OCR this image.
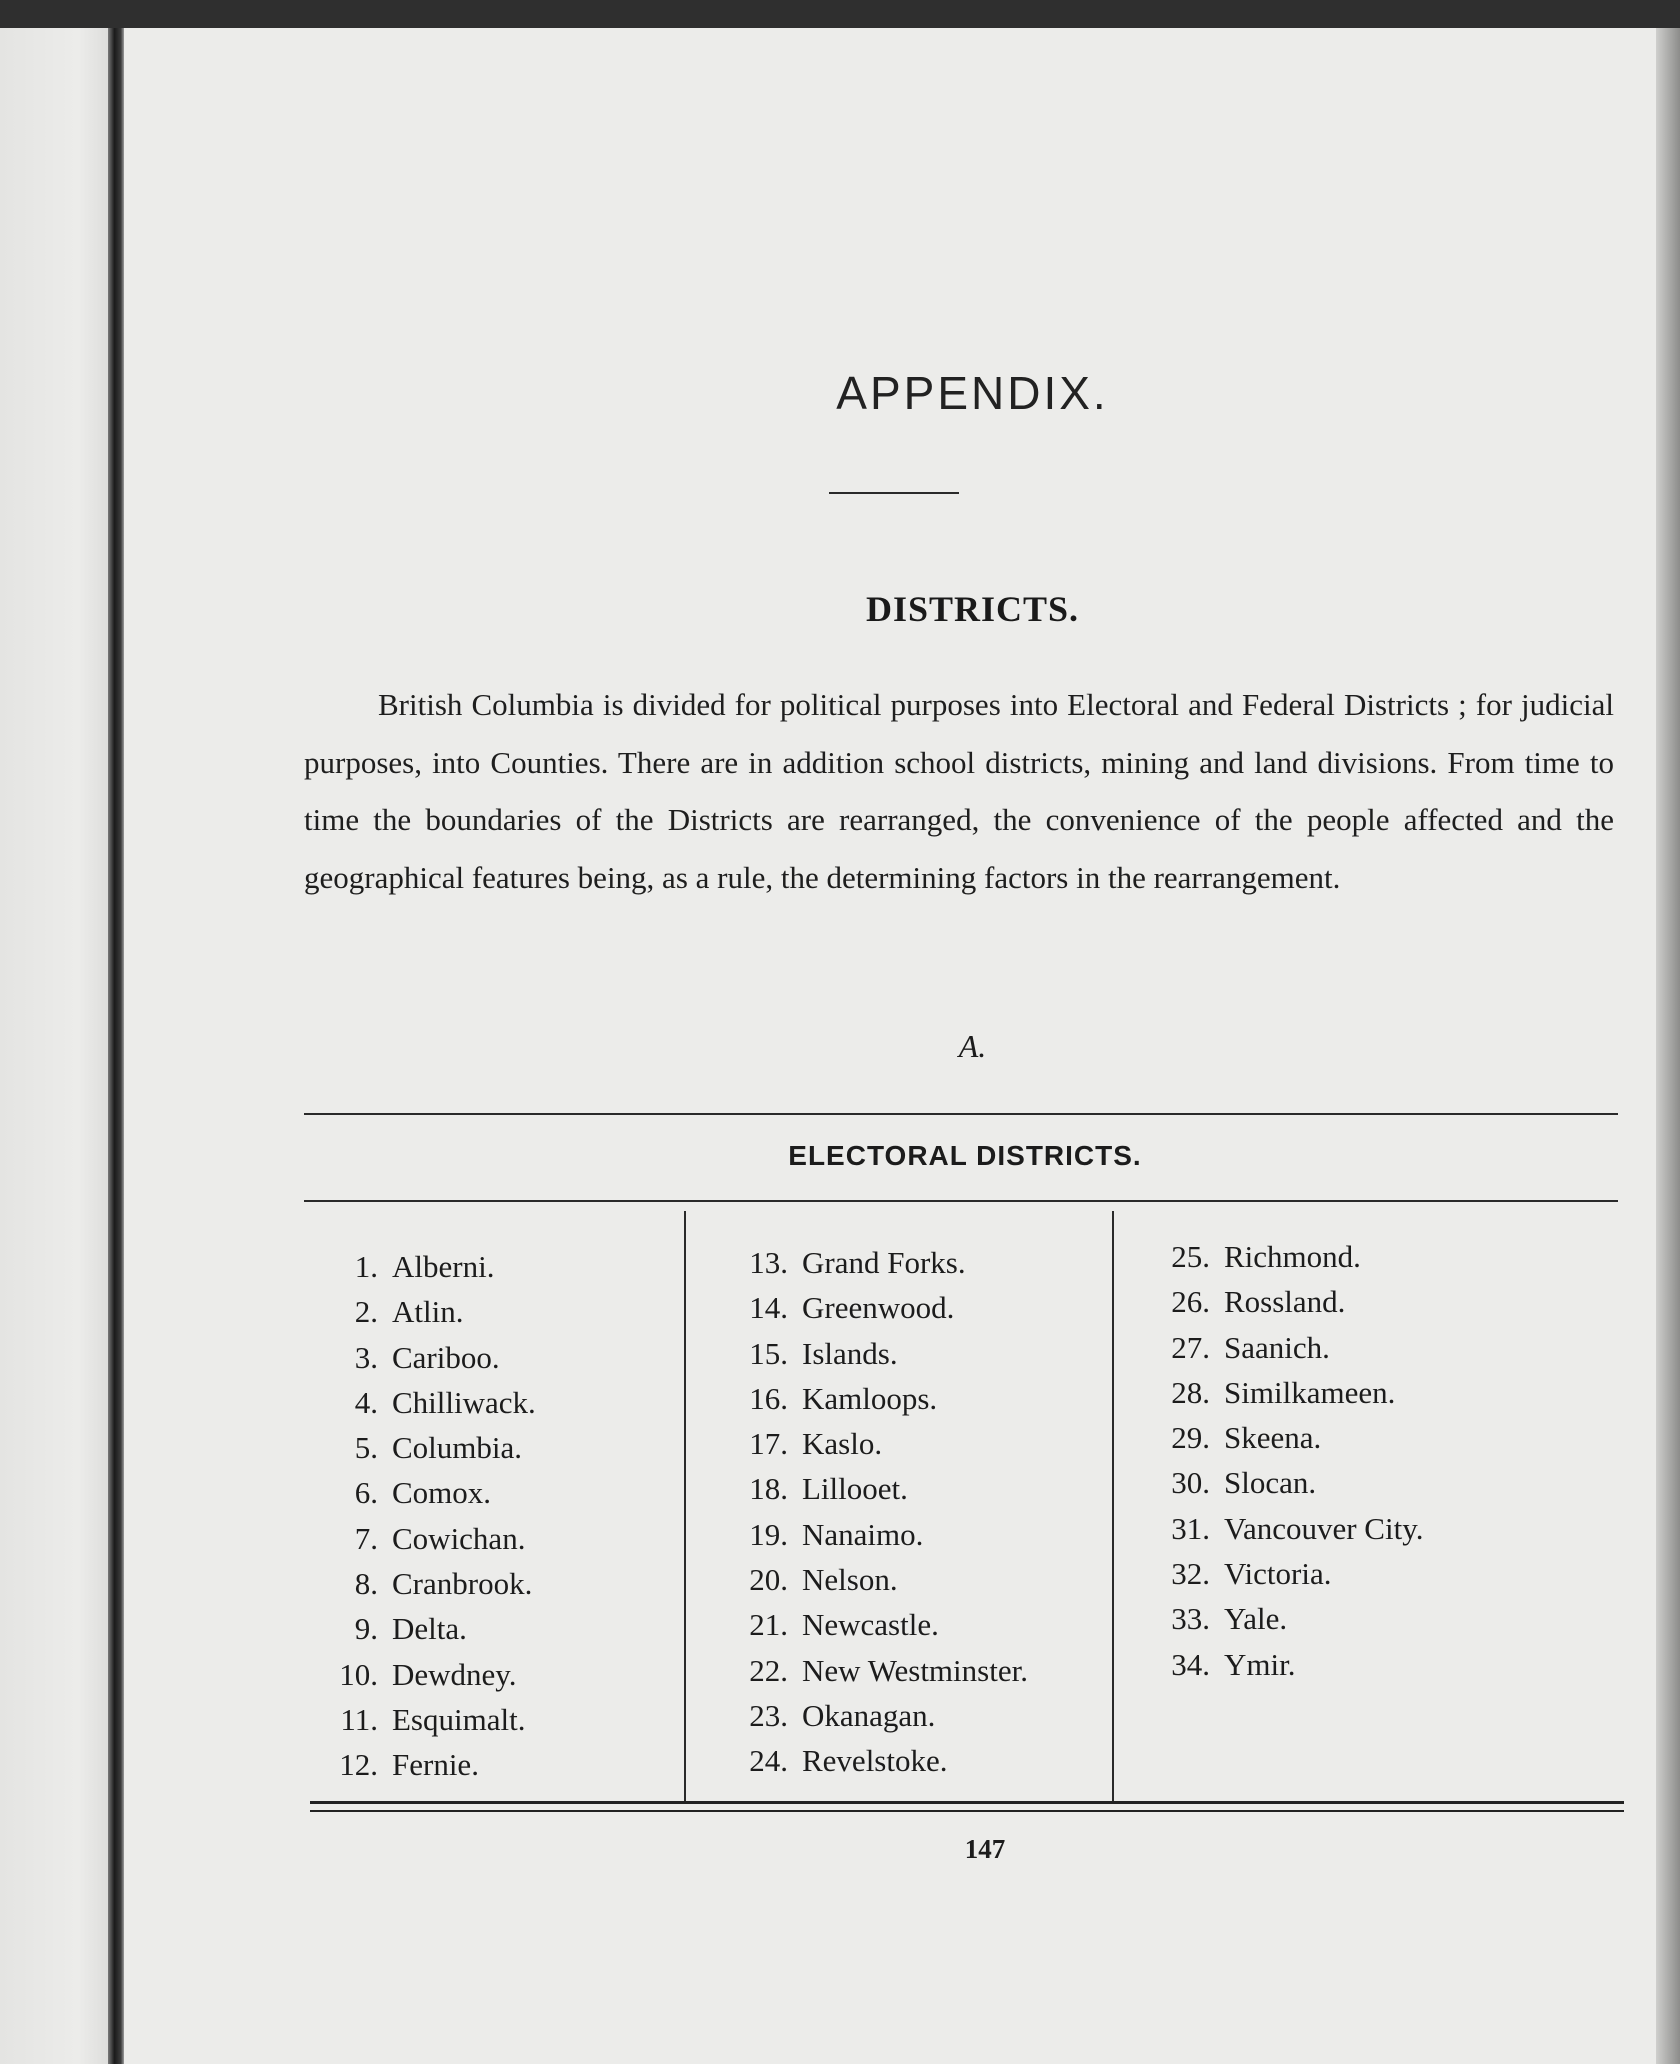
APPENDIX.
DISTRICTS.

British Columbia is divided for political purposes into Electoral and Federal Districts ; for judicial purposes, into Counties. There are in addition school districts, mining and land divisions. From time to time the boundaries of the Districts are rearranged, the convenience of the people affected and the geographical features being, as a rule, the determining factors in the rearrangement.

A.
ELECTORAL DISTRICTS.
1. Alberni.
2. Atlin.
3. Cariboo.
4. Chilliwack.
5. Columbia.
6. Comox.
7. Cowichan.
8. Cranbrook.
9. Delta.
10. Dewdney.
11. Esquimalt.
12. Fernie.
13. Grand Forks.
14. Greenwood.
15. Islands.
16. Kamloops.
17. Kaslo.
18. Lillooet.
19. Nanaimo.
20. Nelson.
21. Newcastle.
22. New Westminster.
23. Okanagan.
24. Revelstoke.
25. Richmond.
26. Rossland.
27. Saanich.
28. Similkameen.
29. Skeena.
30. Slocan.
31. Vancouver City.
32. Victoria.
33. Yale.
34. Ymir.
147
